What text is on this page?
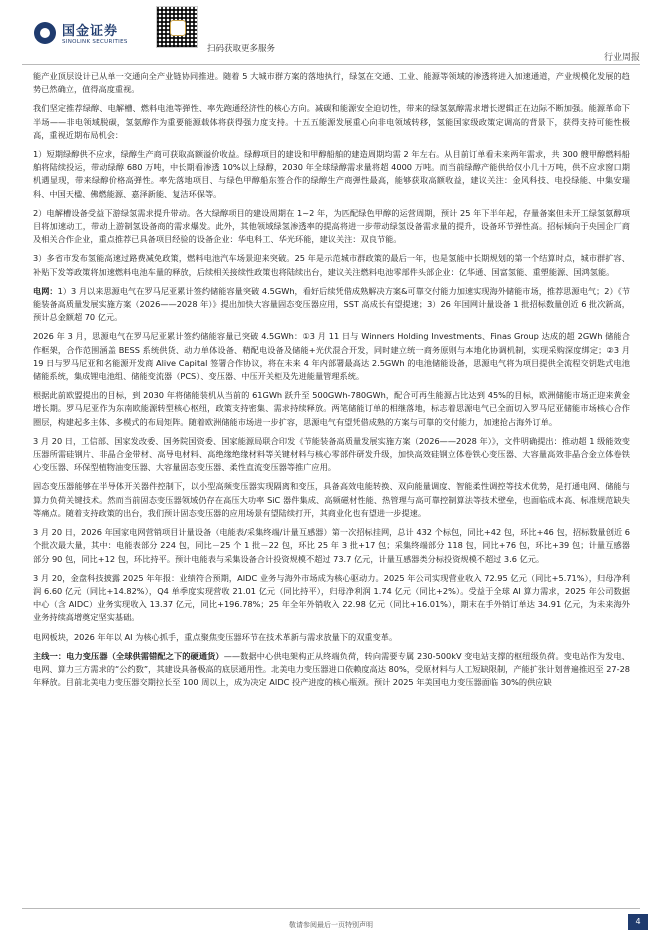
国金证券
SINOLINK SECURITIES
扫码获取更多服务
行业周报

能产业顶层设计已从单一交通向全产业链协同推进。随着 5 大城市群方案的落地执行，绿氢在交通、工业、能源等领域的渗透将进入加速通道，产业规模化发展的趋势已然确立，值得高度重视。

我们坚定推荐绿醇、电解槽、燃料电池等弹性、率先跑通经济性的核心方向。减碳和能源安全迫切性，带来的绿氢氨醇需求增长逻辑正在边际不断加强。能源革命下半场——非电领域脱碳，氢氨醇作为重要能源载体将获得强力度支持。十五五能源发展重心向非电领域转移，氢能国家级政策定调高的背景下，获得支持可能性极高，重视近期布局机会：

1）短期绿醇供不应求，绿醇生产商可获取高额溢价收益。绿醇项目的建设和甲醇船舶的建造周期均需 2 年左右。从目前订单看未来两年需求，共 300 艘甲醇燃料船舶将陆续投运，带动绿醇 680 万吨，中长期看渗透 10%以上绿醇，2030 年全球绿醇需求量将超 4000 万吨。而当前绿醇产能供给仅小几十万吨，供不应求窗口期机遇显现，带来绿醇价格高弹性。率先落地项目、与绿色甲醇船东签合作的绿醇生产商弹性最高，能够获取高额收益，建议关注：金风科技、电投绿能、中集安瑞科、中国天楹、佛燃能源、嘉泽新能、复洁环保等。

2）电解槽设备受益下游绿氢需求提升带动。各大绿醇项目的建设周期在 1~2 年，为匹配绿色甲醇的运营周期，预计 25 年下半年起，存量备案但未开工绿氢氨醇项目将加速动工，带动上游制氢设备商的需求爆发。此外，其他领域绿氢渗透率的提高将进一步带动绿氢设备需求量的提升，设备环节弹性高。招标倾向于央国企厂商及相关合作企业，重点推荐已具备项目经验的设备企业：华电科工、华光环能，建议关注：双良节能。

3）多省市发布氢能高速过路费减免政策，燃料电池汽车场景迎来突破。25 年是示范城市群政策的最后一年，也是氢能中长期规划的第一个结算时点，城市群扩容、补贴下发等政策将加速燃料电池车量的释放，后续相关接续性政策也将陆续出台，建议关注燃料电池零部件头部企业：亿华通、国富氢能、重塑能源、国鸿氢能。

电网：1）3 月以来思源电气在罗马尼亚累计签约储能容量突破 4.5GWh，看好后续凭借成熟解决方案&可靠交付能力加速实现海外储能市场，推荐思源电气；2）《节能装备高质量发展实施方案（2026——2028 年）》提出加快大容量固态变压器应用，SST 高成长有望提速；3）26 年国网计量设备 1 批招标数量创近 6 批次新高，预计总金额超 70 亿元。

2026 年 3 月，思源电气在罗马尼亚累计签约储能容量已突破 4.5GWh：①3 月 11 日与 Winners Holding Investments、Finas Group 达成的超 2GWh 储能合作框架，合作范围涵盖 BESS 系统供货、动力单体设备、精配电设备及储能+光伏混合开发，同时建立统一商务原则与本地化协调机制，实现采购深度绑定；②3 月 19 日与罗马尼亚和名能源开发商 Alive Capital 签署合作协议，将在未来 4 年内部署最高达 2.5GWh 的电池储能设备，思源电气将为项目提供全流程交钥匙式电池储能系统，集成锂电池组、储能变流器（PCS）、变压器、中压开关柜及先进能量管理系统。

根据此前欧盟提出的目标，到 2030 年将储能装机从当前的 61GWh 跃升至 500GWh-780GWh，配合可再生能源占比达到 45%的目标，欧洲储能市场正迎来黄金增长期。罗马尼亚作为东南欧能源转型核心枢纽，政策支持密集、需求持续释放。两笔储能订单的相继落地，标志着思源电气已全面切入罗马尼亚储能市场核心合作圈层，构建起多主体、多模式的布局矩阵。随着欧洲储能市场进一步扩容，思源电气有望凭借成熟的方案与可靠的交付能力，加速抢占海外订单。

3 月 20 日，工信部、国家发改委、国务院国资委、国家能源局联合印发《节能装备高质量发展实施方案（2026——2028 年）》，文件明确提出：推动超 1 级能效变压器所需硅钢片、非晶合金带材、高导电材料、高绝缘绝缘材料等关键材料与核心零部件研发升级，加快高效硅钢立体卷铁心变压器、大容量高效非晶合金立体卷铁心变压器、环保型植物油变压器、大容量固态变压器、柔性直流变压器等推广应用。

固态变压器能够在半导体开关器件控制下，以小型高频变压器实现隔离和变压，具备高效电能转换、双向能量调度、智能柔性调控等技术优势，是打通电网、储能与算力负荷关键技术。然而当前固态变压器领域仍存在高压大功率 SiC 器件集成、高频磁材性能、热管理与高可靠控制算法等技术壁垒，也面临成本高、标准规范缺失等痛点。随着支持政策的出台，我们预计固态变压器的应用场景有望陆续打开，其商业化也有望进一步提速。

3 月 20 日，2026 年国家电网营销项目计量设备（电能表/采集终端/计量互感器）第一次招标挂网，总计 432 个标包，同比+42 包，环比+46 包，招标数量创近 6 个批次最大量，其中：电能表部分 224 包，同比－25 个 1 批－22 包，环比 25 年 3 批+17 包；采集终端部分 118 包，同比+76 包，环比+39 包；计量互感器部分 90 包，同比+12 包，环比持平。预计电能表与采集设备合计投资规模不超过 73.7 亿元，计量互感器类分标投资规模不超过 3.6 亿元。

3 月 20，金盘科技披露 2025 年年报：业绩符合预期，AIDC 业务与海外市场成为核心驱动力。2025 年公司实现营业收入 72.95 亿元（同比+5.71%），归母净利润 6.60 亿元（同比+14.82%），Q4 单季度实现营收 21.01 亿元（同比持平），归母净利润 1.74 亿元（同比+2%）。受益于全球 AI 算力需求，2025 年公司数据中心（含 AIDC）业务实现收入 13.37 亿元，同比+196.78%；25 年全年外销收入 22.98 亿元（同比+16.01%），期末在手外销订单达 34.91 亿元，为未来海外业务持续高增奠定坚实基础。

电网板块，2026 年年以 AI 为核心抓手，重点聚焦变压器环节在技术革新与需求放量下的双重变革。

主线一：电力变压器（全球供需错配之下的硬通货）——数据中心供电架构正从终端负荷，转向需要专属 230-500kV 变电站支撑的枢纽级负荷。变电站作为发电、电网、算力三方需求的“公约数”，其建设具备极高的底层通用性。北美电力变压器进口依赖度高达 80%，受原材料与人工短缺限制，产能扩张计划普遍推迟至 27-28 年释放。目前北美电力变压器交期拉长至 100 周以上，成为决定 AIDC 投产进度的核心瓶颈。预计 2025 年美国电力变压器面临 30%的供应缺

敬请参阅最后一页特别声明	4
